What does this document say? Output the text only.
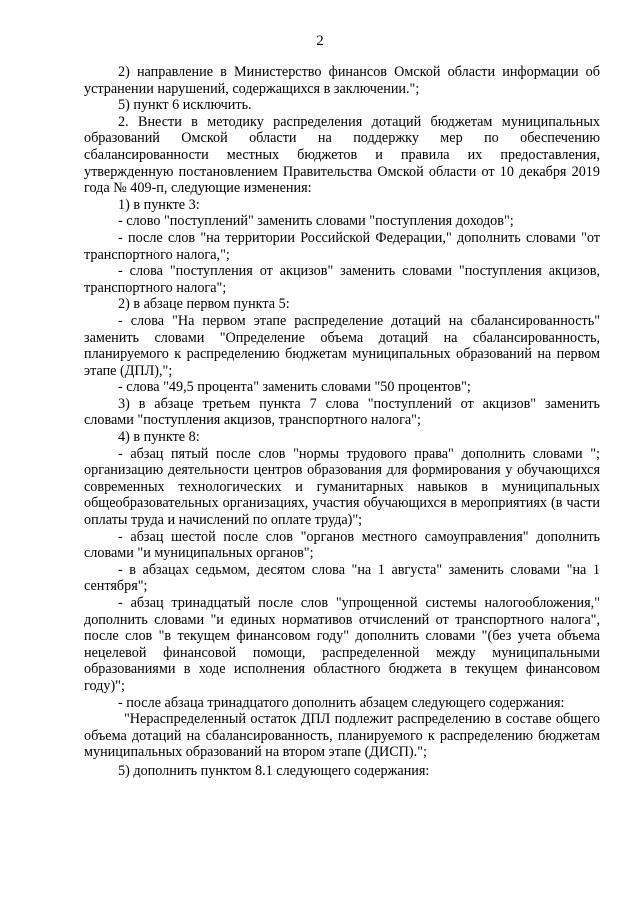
2

2) направление в Министерство финансов Омской области информации об устранении нарушений, содержащихся в заключении.";

5) пункт 6 исключить.

2. Внести в методику распределения дотаций бюджетам муниципальных образований Омской области на поддержку мер по обеспечению сбалансированности местных бюджетов и правила их предоставления, утвержденную постановлением Правительства Омской области от 10 декабря 2019 года № 409-п, следующие изменения:

1) в пункте 3:

- слово "поступлений" заменить словами "поступления доходов";

- после слов "на территории Российской Федерации," дополнить словами "от транспортного налога,";

- слова "поступления от акцизов" заменить словами "поступления акцизов, транспортного налога";

2) в абзаце первом пункта 5:

- слова "На первом этапе распределение дотаций на сбалансированность" заменить словами "Определение объема дотаций на сбалансированность, планируемого к распределению бюджетам муниципальных образований на первом этапе (ДПЛ),";

- слова "49,5 процента" заменить словами "50 процентов";

3) в абзаце третьем пункта 7 слова "поступлений от акцизов" заменить словами "поступления акцизов, транспортного налога";

4) в пункте 8:

- абзац пятый после слов "нормы трудового права" дополнить словами "; организацию деятельности центров образования для формирования у обучающихся современных технологических и гуманитарных навыков в муниципальных общеобразовательных организациях, участия обучающихся в мероприятиях (в части оплаты труда и начислений по оплате труда)";

- абзац шестой после слов "органов местного самоуправления" дополнить словами "и муниципальных органов";

- в абзацах седьмом, десятом слова "на 1 августа" заменить словами "на 1 сентября";

- абзац тринадцатый после слов "упрощенной системы налогообложения," дополнить словами "и единых нормативов отчислений от транспортного налога", после слов "в текущем финансовом году" дополнить словами "(без учета объема нецелевой финансовой помощи, распределенной между муниципальными образованиями в ходе исполнения областного бюджета в текущем финансовом году)";

- после абзаца тринадцатого дополнить абзацем следующего содержания:

"Нераспределенный остаток ДПЛ подлежит распределению в составе общего объема дотаций на сбалансированность, планируемого к распределению бюджетам муниципальных образований на втором этапе (ДИСП).";

5) дополнить пунктом 8.1 следующего содержания:
